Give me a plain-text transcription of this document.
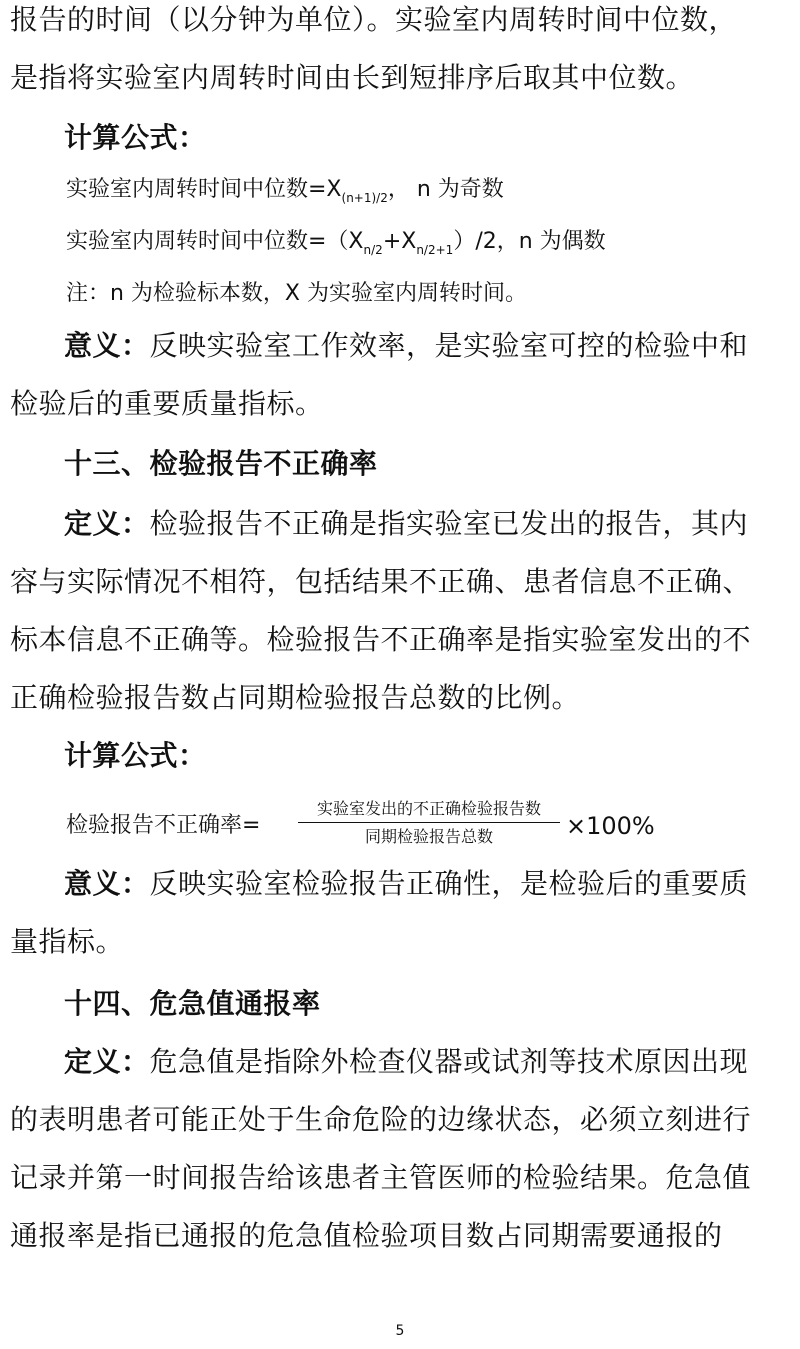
报告的时间（以分钟为单位）。实验室内周转时间中位数，
是指将实验室内周转时间由长到短排序后取其中位数。
计算公式：
实验室内周转时间中位数$=X_{(n+1)/2}$， n 为奇数
实验室内周转时间中位数$=(X_{n/2}+X_{n/2+1})/2$，n 为偶数
注：n 为检验标本数，X 为实验室内周转时间。
意义：反映实验室工作效率，是实验室可控的检验中和
检验后的重要质量指标。
十三、检验报告不正确率
定义：检验报告不正确是指实验室已发出的报告，其内
容与实际情况不相符，包括结果不正确、患者信息不正确、
标本信息不正确等。检验报告不正确率是指实验室发出的不
正确检验报告数占同期检验报告总数的比例。
计算公式：
检验报告不正确率=
实验室发出的不正确检验报告数
同期检验报告总数	×100%
意义：反映实验室检验报告正确性，是检验后的重要质
量指标。
十四、危急值通报率
定义：危急值是指除外检查仪器或试剂等技术原因出现
的表明患者可能正处于生命危险的边缘状态，必须立刻进行
记录并第一时间报告给该患者主管医师的检验结果。危急值
通报率是指已通报的危急值检验项目数占同期需要通报的
5
